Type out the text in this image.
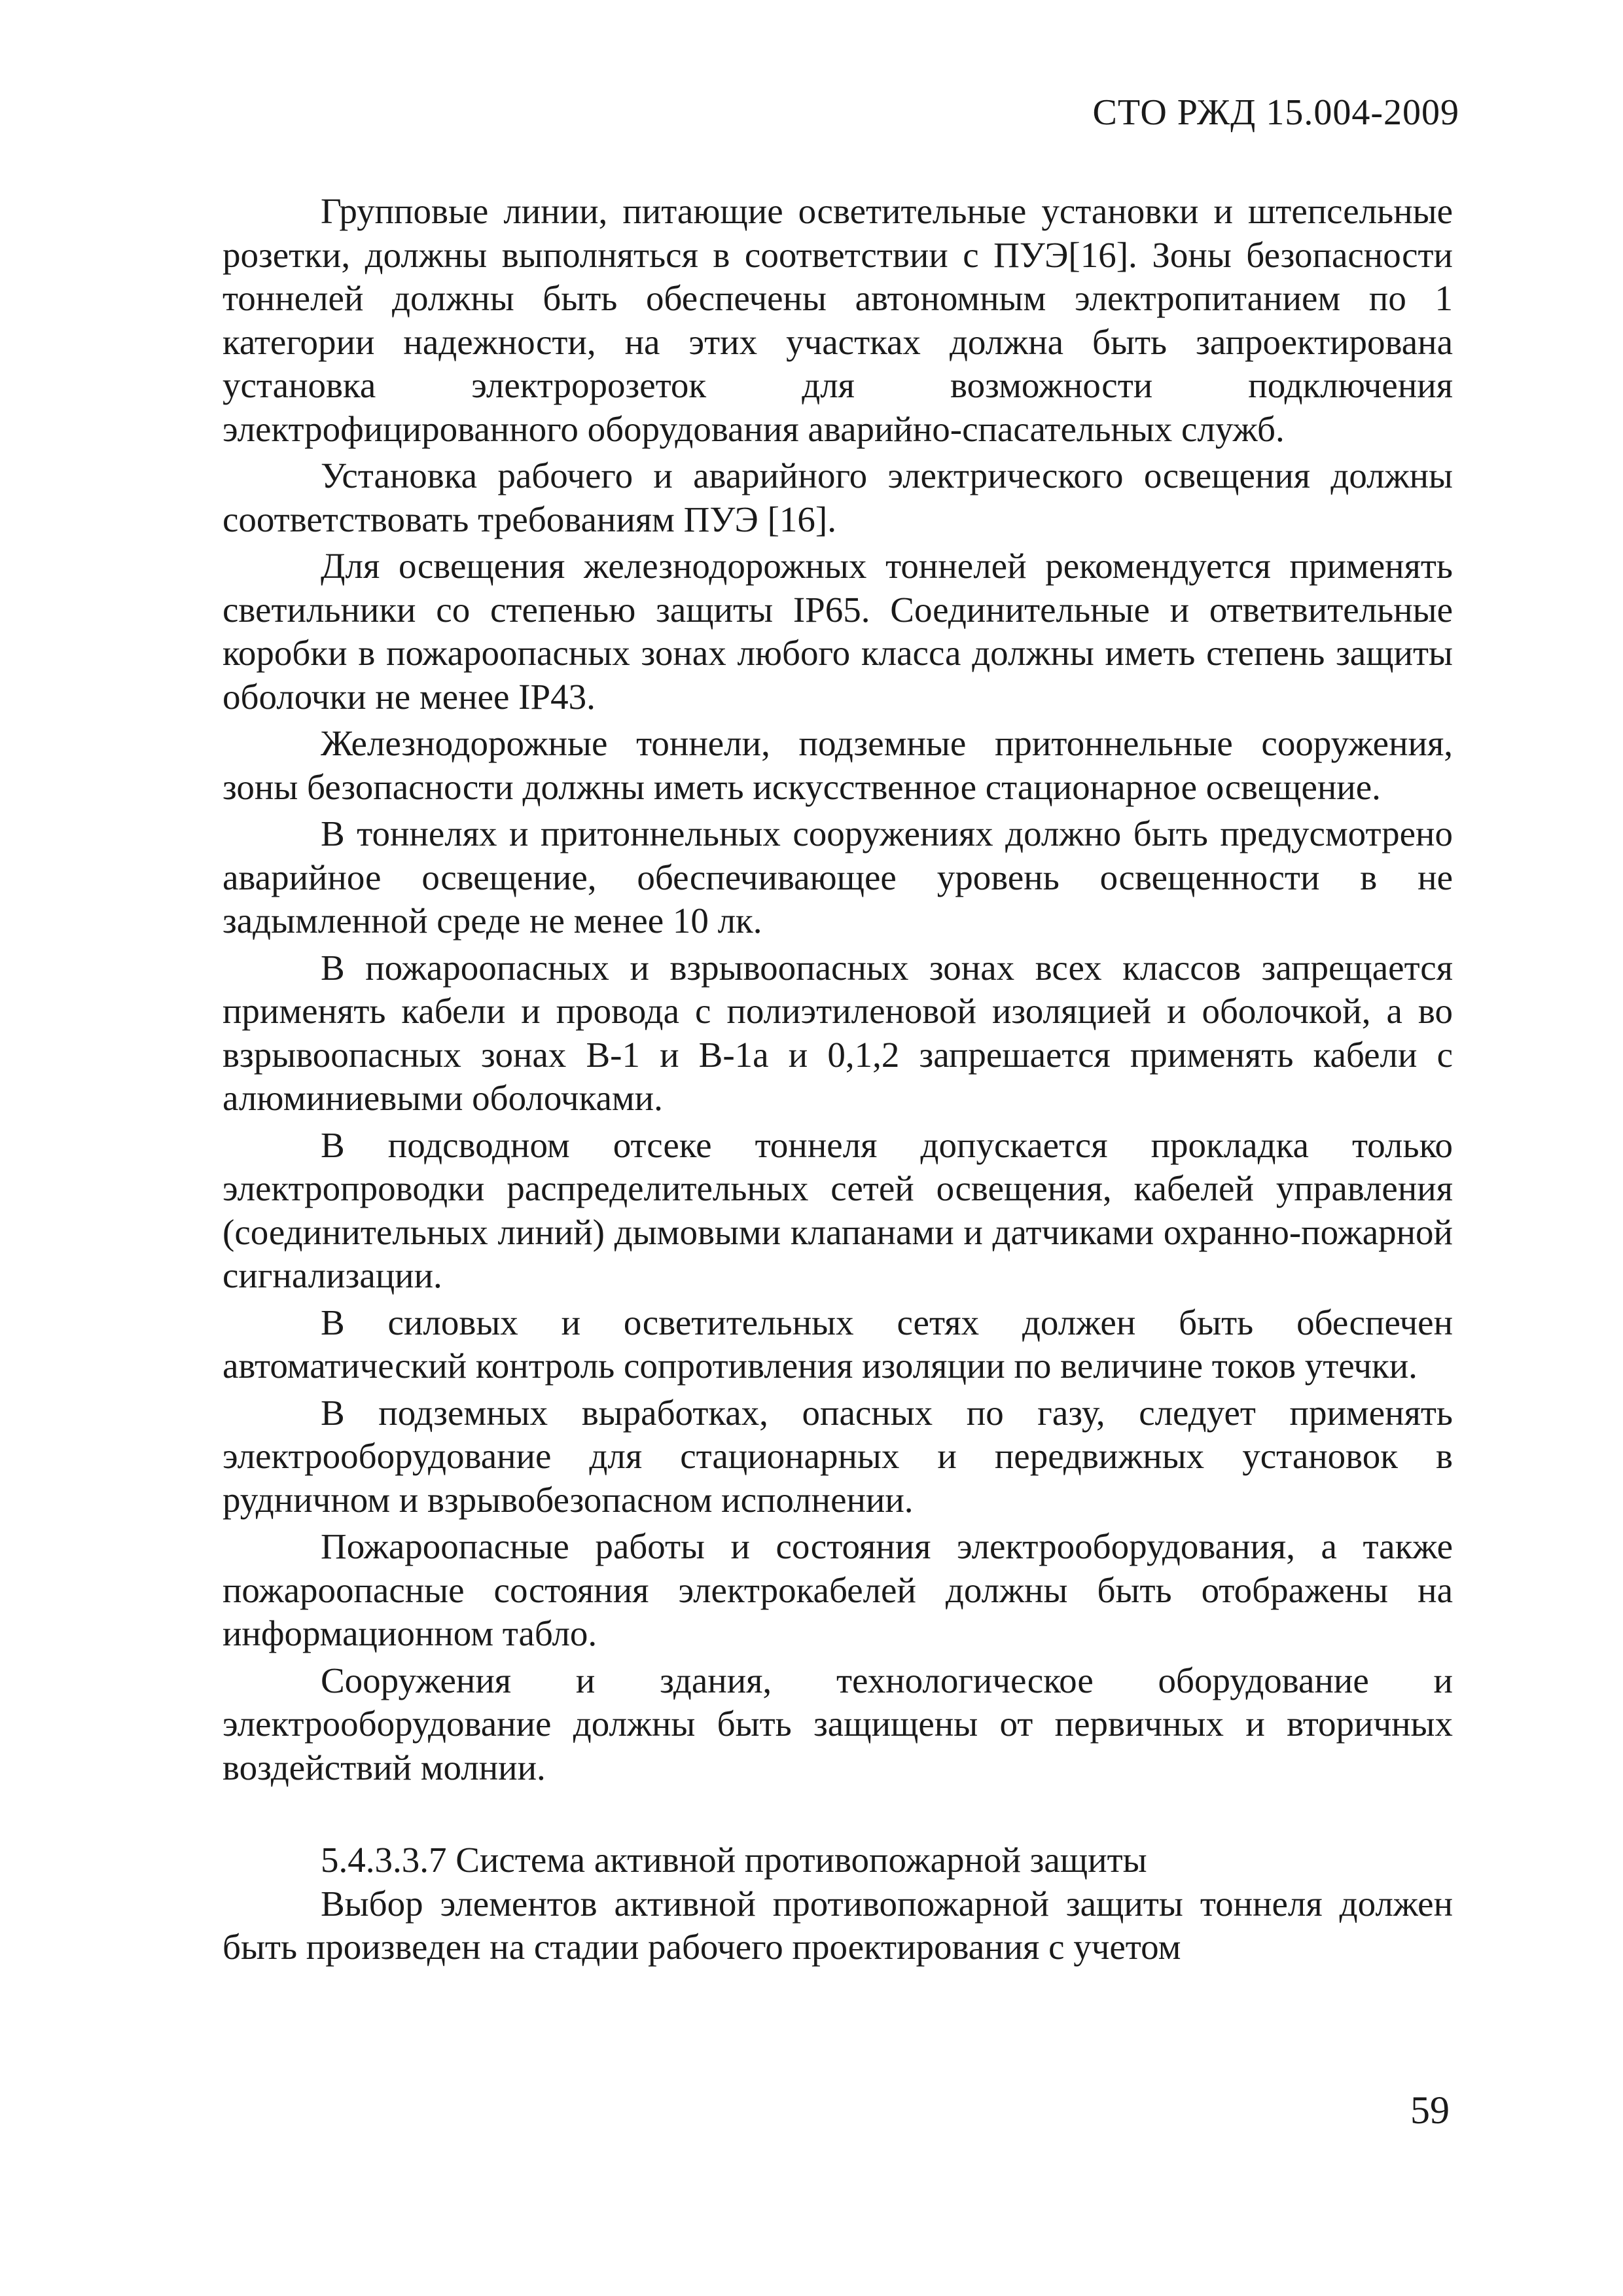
СТО РЖД 15.004-2009

Групповые линии, питающие осветительные установки и штепсельные розетки, должны выполняться в соответствии с ПУЭ[16]. Зоны безопасности тоннелей должны быть обеспечены автономным электропитанием по 1 категории надежности, на этих участках должна быть запроектирована установка электророзеток для возможности подключения электрофицированного оборудования аварийно-спасательных служб.

Установка рабочего и аварийного электрического освещения должны соответствовать требованиям ПУЭ [16].

Для освещения железнодорожных тоннелей рекомендуется применять светильники со степенью защиты IP65. Соединительные и ответвительные коробки в пожароопасных зонах любого класса должны иметь степень защиты оболочки не менее IP43.

Железнодорожные тоннели, подземные притоннельные сооружения, зоны безопасности должны иметь искусственное стационарное освещение.

В тоннелях и притоннельных сооружениях должно быть предусмотрено аварийное освещение, обеспечивающее уровень освещенности в не задымленной среде не менее 10 лк.

В пожароопасных и взрывоопасных зонах всех классов запрещается применять кабели и провода с полиэтиленовой изоляцией и оболочкой, а во взрывоопасных зонах В-1 и В-1а и 0,1,2 запрешается применять кабели с алюминиевыми оболочками.

В подсводном отсеке тоннеля допускается прокладка только электропроводки распределительных сетей освещения, кабелей управления (соединительных линий) дымовыми клапанами и датчиками охранно-пожарной сигнализации.

В силовых и осветительных сетях должен быть обеспечен автоматический контроль сопротивления изоляции по величине токов утечки.

В подземных выработках, опасных по газу, следует применять электрооборудование для стационарных и передвижных установок в рудничном и взрывобезопасном исполнении.

Пожароопасные работы и состояния электрооборудования, а также пожароопасные состояния электрокабелей должны быть отображены на информационном табло.

Сооружения и здания, технологическое оборудование и электрооборудование должны быть защищены от первичных и вторичных воздействий молнии.

5.4.3.3.7 Система активной противопожарной защиты

Выбор элементов активной противопожарной защиты тоннеля должен быть произведен на стадии рабочего проектирования с учетом

59
